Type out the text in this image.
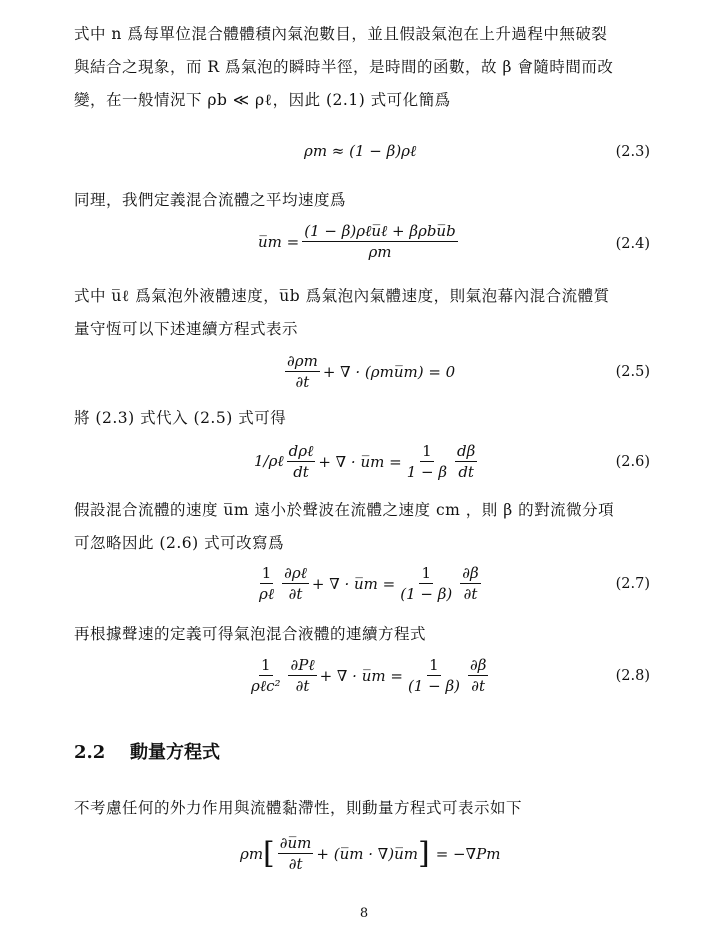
式中 n 爲每單位混合體體積內氣泡數目，並且假設氣泡在上升過程中無破裂
與結合之現象，而 R 爲氣泡的瞬時半徑，是時間的函數，故 β 會隨時間而改
變，在一般情況下 ρb ≪ ρℓ，因此 (2.1) 式可化簡爲
ρm ≈ (1 − β)ρℓ	(2.3)
同理，我們定義混合流體之平均速度爲
u̅m = $\frac{\text{(1 − β)ρℓu̅ℓ + βρbu̅b}}{\rho m}$	(2.4)
式中 u̅ℓ 爲氣泡外液體速度，u̅b 爲氣泡內氣體速度，則氣泡幕內混合流體質
量守恆可以下述連續方程式表示
$\frac{\partial\rho m}{\partial t}$ + ∇ · (ρmu̅m) = 0	(2.5)
將 (2.3) 式代入 (2.5) 式可得
1/ρℓ $\frac{\text{dρℓ}}{dt}$ + ∇ · u̅m = $\frac{1}{1 - \beta} \frac{d\beta}{dt}$	(2.6)
假設混合流體的速度 u̅m 遠小於聲波在流體之速度 cm ，則 β 的對流微分項
可忽略因此 (2.6) 式可改寫爲
$\frac{1}{\text{ρℓ}} \frac{\text{∂ρℓ}}{\partial t}$ + ∇ · u̅m = $\frac{1}{(1 - \beta)} \frac{\partial\beta}{\partial t}$	(2.7)
再根據聲速的定義可得氣泡混合液體的連續方程式
$\frac{1}{\text{ρℓc²}} \frac{\text{∂Pℓ}}{\partial t}$ + ∇ · u̅m = $\frac{1}{(1 - \beta)} \frac{\partial\beta}{\partial t}$	(2.8)
2.2 動量方程式
不考慮任何的外力作用與流體黏滯性，則動量方程式可表示如下
ρm [ $\frac{\partial u̅m}{\partial t}$ + (u̅m · ∇)u̅m ] = −∇Pm
8
